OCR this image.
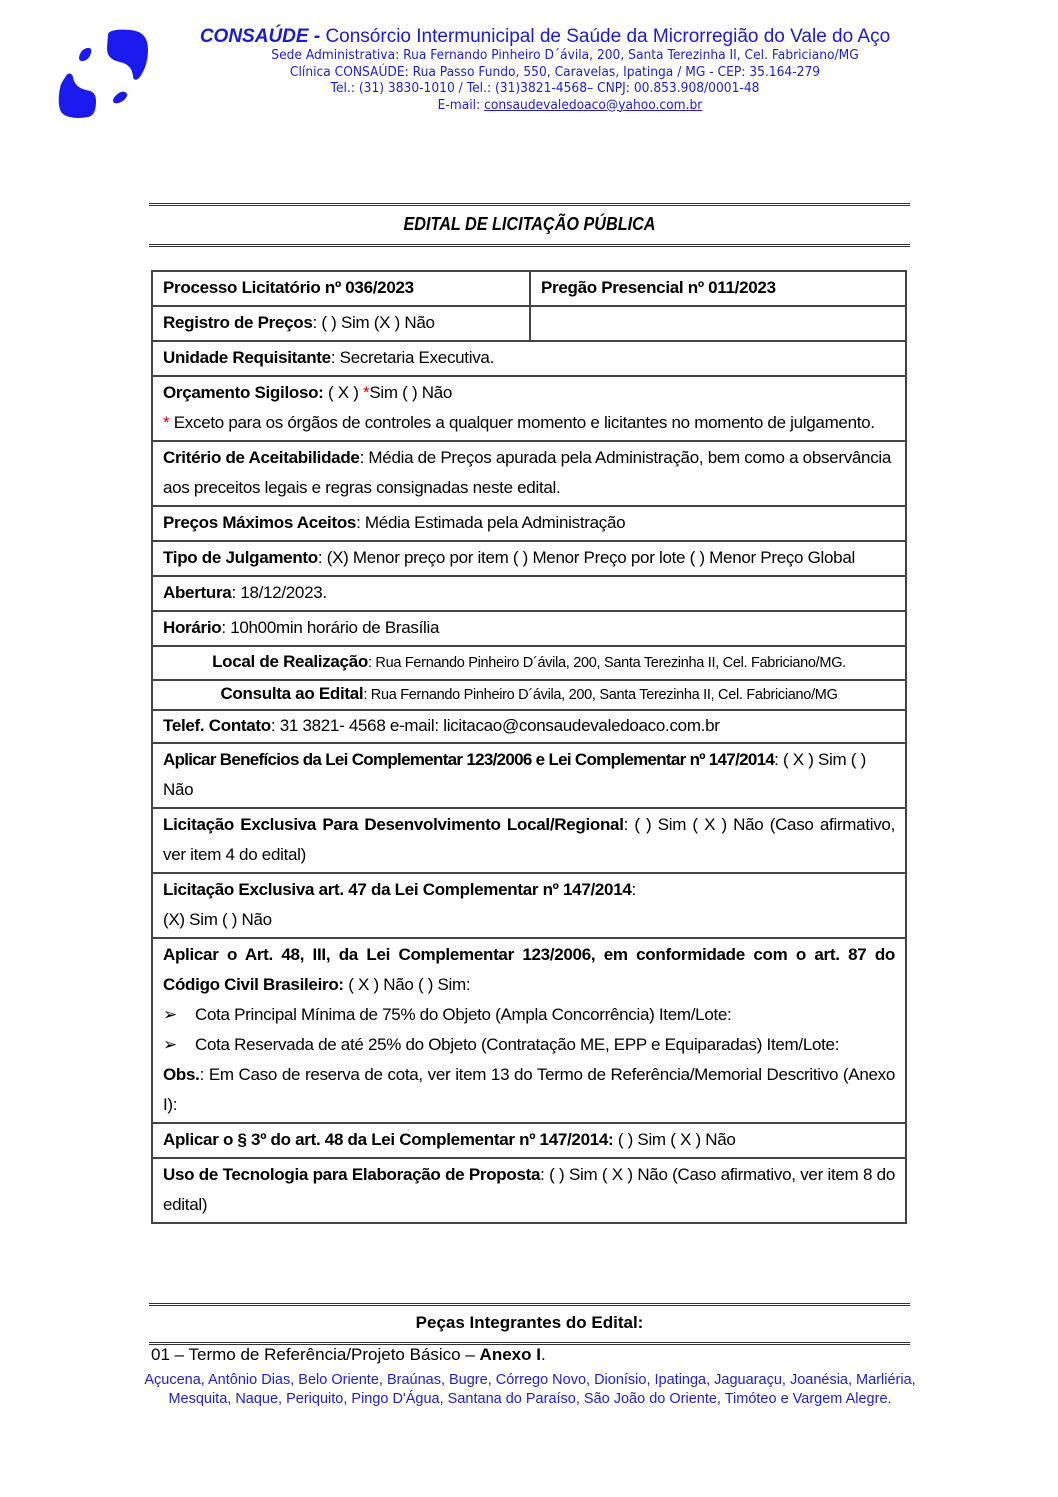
CONSAÚDE - Consórcio Intermunicipal de Saúde da Microrregião do Vale do Aço
Sede Administrativa: Rua Fernando Pinheiro D´ávila, 200, Santa Terezinha II, Cel. Fabriciano/MG
Clínica CONSAÚDE: Rua Passo Fundo, 550, Caravelas, Ipatinga / MG - CEP: 35.164-279
Tel.: (31) 3830-1010 / Tel.: (31)3821-4568– CNPJ: 00.853.908/0001-48
E-mail: consaudevaledoaco@yahoo.com.br
EDITAL DE LICITAÇÃO PÚBLICA
Processo Licitatório nº 036/2023	Pregão Presencial nº 011/2023
Registro de Preços: ( ) Sim (X ) Não
Unidade Requisitante: Secretaria Executiva.
Orçamento Sigiloso: ( X ) *Sim ( ) Não
* Exceto para os órgãos de controles a qualquer momento e licitantes no momento de julgamento.
Critério de Aceitabilidade: Média de Preços apurada pela Administração, bem como a observância aos preceitos legais e regras consignadas neste edital.
Preços Máximos Aceitos: Média Estimada pela Administração
Tipo de Julgamento: (X) Menor preço por item ( ) Menor Preço por lote ( ) Menor Preço Global
Abertura: 18/12/2023.
Horário: 10h00min horário de Brasília
Local de Realização: Rua Fernando Pinheiro D´ávila, 200, Santa Terezinha II, Cel. Fabriciano/MG.
Consulta ao Edital: Rua Fernando Pinheiro D´ávila, 200, Santa Terezinha II, Cel. Fabriciano/MG
Telef. Contato: 31 3821- 4568 e-mail: licitacao@consaudevaledoaco.com.br
Aplicar Benefícios da Lei Complementar 123/2006 e Lei Complementar nº 147/2014: ( X ) Sim ( ) Não
Licitação Exclusiva Para Desenvolvimento Local/Regional: ( ) Sim ( X ) Não (Caso afirmativo, ver item 4 do edital)
Licitação Exclusiva art. 47 da Lei Complementar nº 147/2014:
(X) Sim ( ) Não
Aplicar o Art. 48, III, da Lei Complementar 123/2006, em conformidade com o art. 87 do Código Civil Brasileiro: ( X ) Não ( ) Sim:
➢	Cota Principal Mínima de 75% do Objeto (Ampla Concorrência) Item/Lote:
➢	Cota Reservada de até 25% do Objeto (Contratação ME, EPP e Equiparadas) Item/Lote:
Obs.: Em Caso de reserva de cota, ver item 13 do Termo de Referência/Memorial Descritivo (Anexo I):
Aplicar o § 3º do art. 48 da Lei Complementar nº 147/2014: ( ) Sim ( X ) Não
Uso de Tecnologia para Elaboração de Proposta: ( ) Sim ( X ) Não (Caso afirmativo, ver item 8 do edital)
Peças Integrantes do Edital:
01 – Termo de Referência/Projeto Básico – Anexo I.
Açucena, Antônio Dias, Belo Oriente, Braúnas, Bugre, Córrego Novo, Dionísio, Ipatinga, Jaguaraçu, Joanésia, Marliéria,
Mesquita, Naque, Periquito, Pingo D'Água, Santana do Paraíso, São João do Oriente, Timóteo e Vargem Alegre.
